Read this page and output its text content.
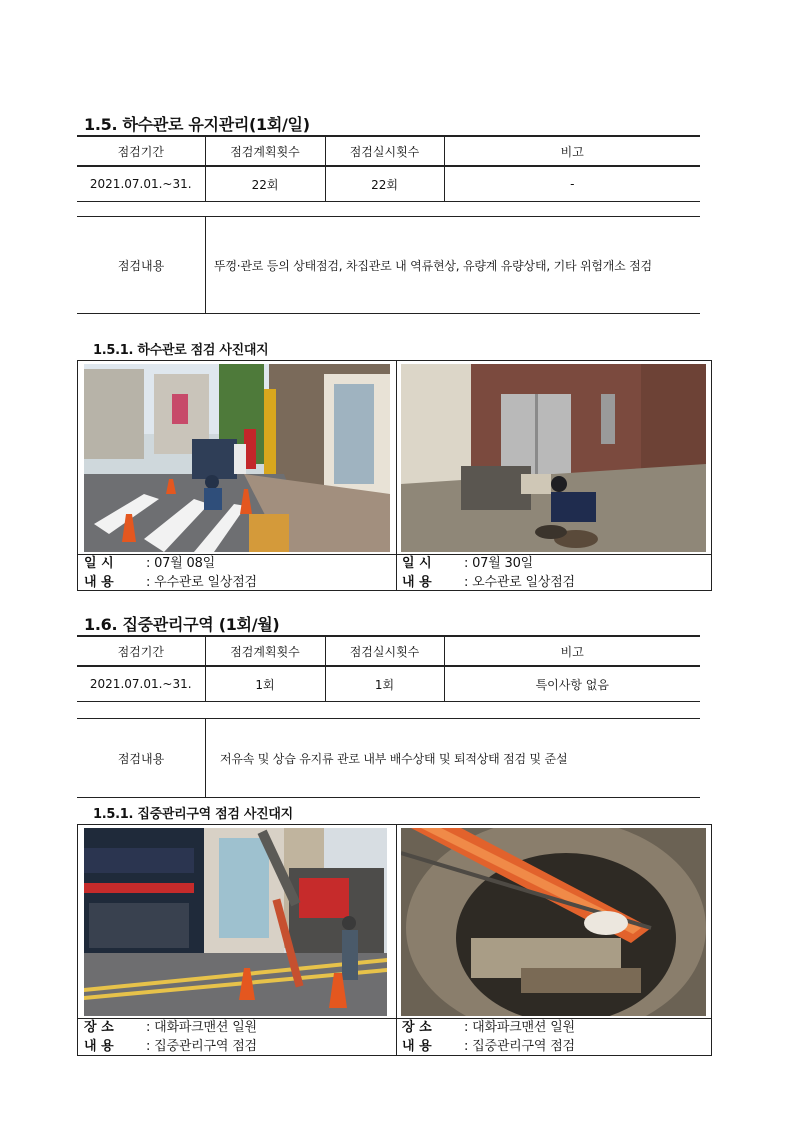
1.5. 하수관로 유지관리(1회/일)
점검기간	점검계획횟수	점검실시횟수	비고
2021.07.01.~31.	22회	22회	-
점검내용	뚜껑·관로 등의 상태점검, 차집관로 내 역류현상, 유량계 유량상태, 기타 위험개소 점검
1.5.1. 하수관로 점검 사진대지
일 시 : 07월 08일
내 용 : 우수관로 일상점검
일 시 : 07월 30일
내 용 : 오수관로 일상점검
1.6. 집중관리구역 (1회/월)
점검기간	점검계획횟수	점검실시횟수	비고
2021.07.01.~31.	1회	1회	특이사항 없음
점검내용	저유속 및 상습 유지류 관로 내부 배수상태 및 퇴적상태 점검 및 준설
1.5.1. 집중관리구역 점검 사진대지
장 소 : 대화파크맨션 일원
내 용 : 집중관리구역 점검
장 소 : 대화파크맨션 일원
내 용 : 집중관리구역 점검
